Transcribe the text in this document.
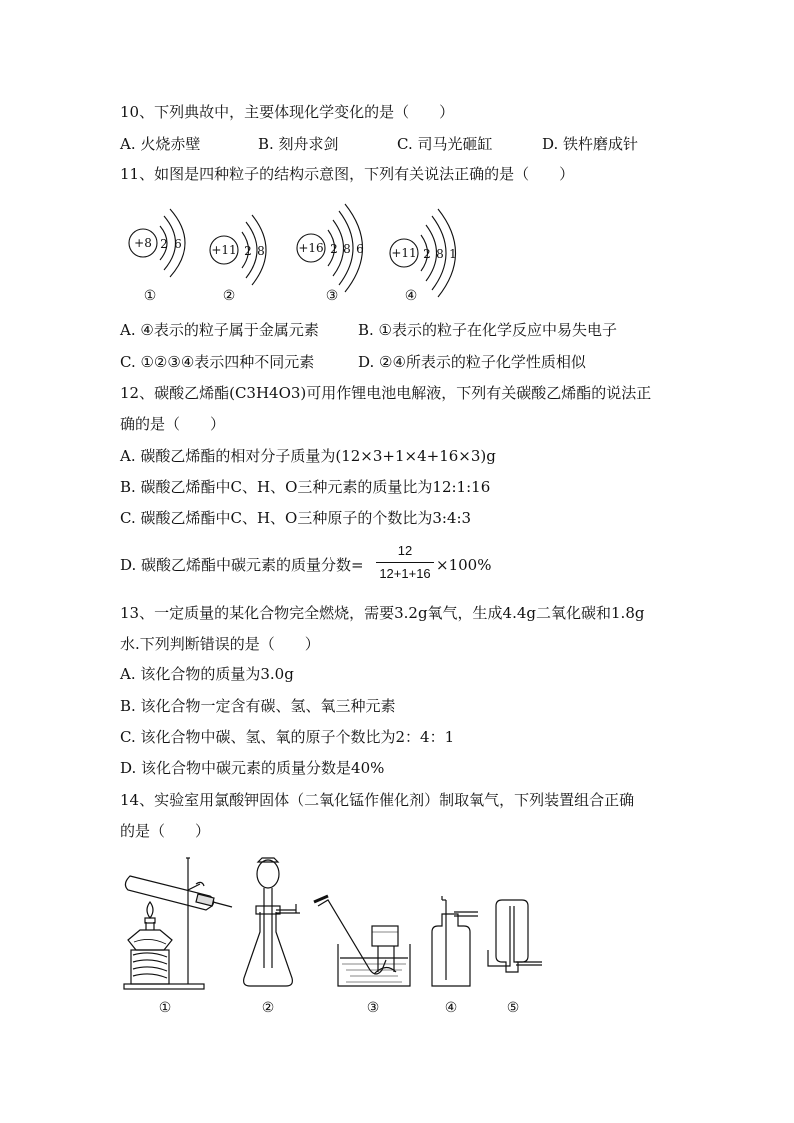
10、下列典故中，主要体现化学变化的是（　　）
A. 火烧赤壁	B. 刻舟求剑	C. 司马光砸缸	D. 铁杵磨成针
11、如图是四种粒子的结构示意图，下列有关说法正确的是（　　）
+8 2 6
①
+11 2 8
②
+16 2 8 6
③
+11 2 8 1
④
A. ④表示的粒子属于金属元素	B. ①表示的粒子在化学反应中易失电子
C. ①②③④表示四种不同元素	D. ②④所表示的粒子化学性质相似
12、碳酸乙烯酯(C3H4O3)可用作锂电池电解液，下列有关碳酸乙烯酯的说法正
确的是（　　）
A. 碳酸乙烯酯的相对分子质量为(12×3+1×4+16×3)g
B. 碳酸乙烯酯中C、H、O三种元素的质量比为12:1:16
C. 碳酸乙烯酯中C、H、O三种原子的个数比为3:4:3
D. 碳酸乙烯酯中碳元素的质量分数=
12
12+1+16 ×100%
13、一定质量的某化合物完全燃烧，需要3.2g氧气，生成4.4g二氧化碳和1.8g
水.下列判断错误的是（　　）
A. 该化合物的质量为3.0g
B. 该化合物一定含有碳、氢、氧三种元素
C. 该化合物中碳、氢、氧的原子个数比为2：4：1
D. 该化合物中碳元素的质量分数是40%
14、实验室用氯酸钾固体（二氧化锰作催化剂）制取氧气，下列装置组合正确
的是（　　）
①	②	③	④	⑤
